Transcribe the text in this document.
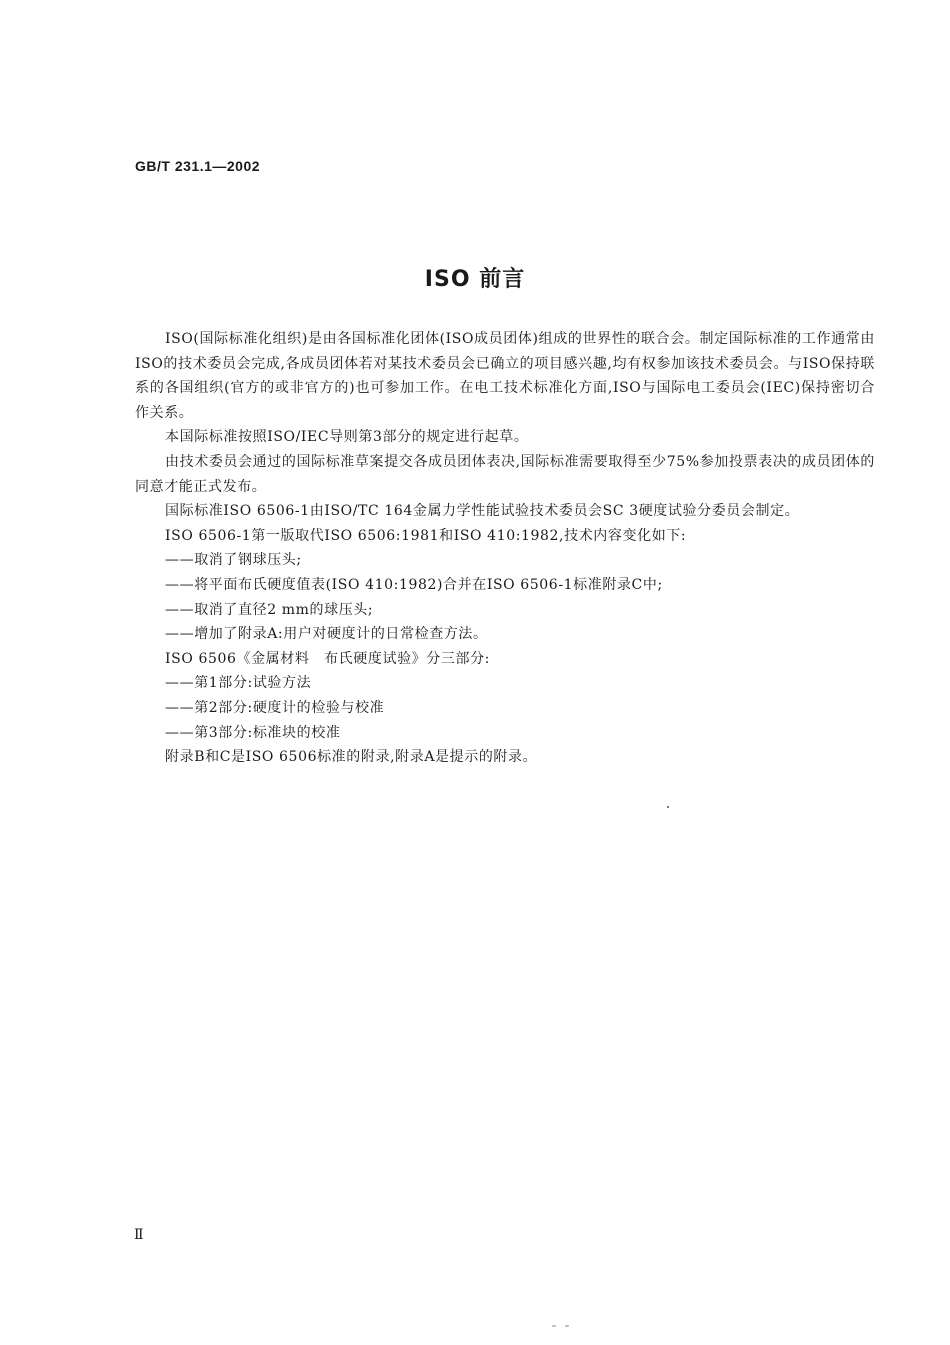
GB/T 231.1—2002
ISO 前言

ISO(国际标准化组织)是由各国标准化团体(ISO成员团体)组成的世界性的联合会。制定国际标准的工作通常由ISO的技术委员会完成,各成员团体若对某技术委员会已确立的项目感兴趣,均有权参加该技术委员会。与ISO保持联系的各国组织(官方的或非官方的)也可参加工作。在电工技术标准化方面,ISO与国际电工委员会(IEC)保持密切合作关系。

本国际标准按照ISO/IEC导则第3部分的规定进行起草。

由技术委员会通过的国际标准草案提交各成员团体表决,国际标准需要取得至少75%参加投票表决的成员团体的同意才能正式发布。

国际标准ISO 6506-1由ISO/TC 164金属力学性能试验技术委员会SC 3硬度试验分委员会制定。

ISO 6506-1第一版取代ISO 6506:1981和ISO 410:1982,技术内容变化如下:

——取消了钢球压头;

——将平面布氏硬度值表(ISO 410:1982)合并在ISO 6506-1标准附录C中;

——取消了直径2 mm的球压头;

——增加了附录A:用户对硬度计的日常检查方法。

ISO 6506《金属材料　布氏硬度试验》分三部分:

——第1部分:试验方法

——第2部分:硬度计的检验与校准

——第3部分:标准块的校准

附录B和C是ISO 6506标准的附录,附录A是提示的附录。

Ⅱ
